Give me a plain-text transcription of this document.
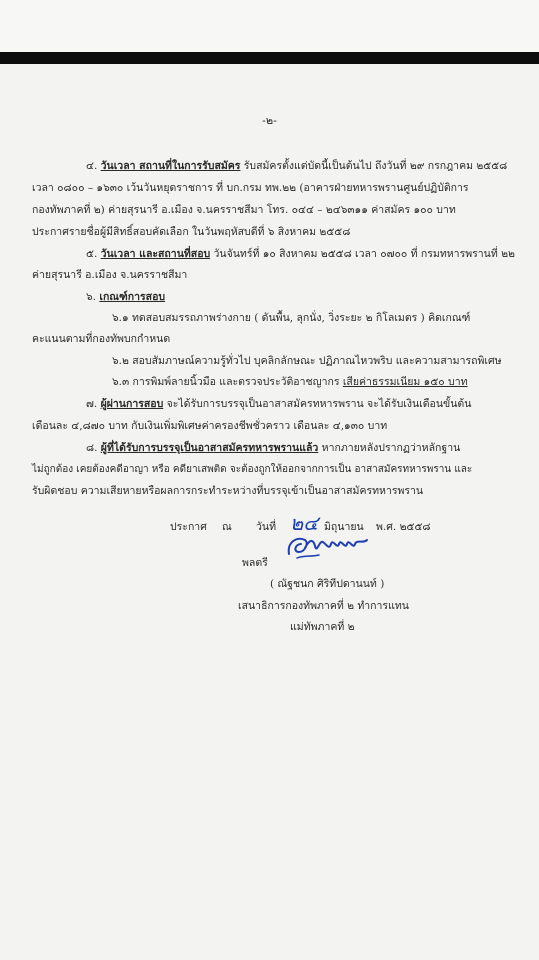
-๒-
๔. วันเวลา สถานที่ในการรับสมัคร รับสมัครตั้งแต่บัดนี้เป็นต้นไป ถึงวันที่ ๒๙ กรกฎาคม ๒๕๕๘
เวลา ๐๘๐๐ – ๑๖๓๐ เว้นวันหยุดราชการ ที่ บก.กรม ทพ.๒๒ (อาคารฝ่ายทหารพรานศูนย์ปฏิบัติการ
กองทัพภาคที่ ๒) ค่ายสุรนารี อ.เมือง จ.นครราชสีมา โทร. ๐๔๔ – ๒๔๖๓๑๑ ค่าสมัคร ๑๐๐ บาท
ประกาศรายชื่อผู้มีสิทธิ์สอบคัดเลือก ในวันพฤหัสบดีที่ ๖ สิงหาคม ๒๕๕๘
๕. วันเวลา และสถานที่สอบ วันจันทร์ที่ ๑๐ สิงหาคม ๒๕๕๘ เวลา ๐๗๐๐ ที่ กรมทหารพรานที่ ๒๒
ค่ายสุรนารี อ.เมือง จ.นครราชสีมา
๖. เกณฑ์การสอบ
๖.๑ ทดสอบสมรรถภาพร่างกาย ( ดันพื้น, ลุกนั่ง, วิ่งระยะ ๒ กิโลเมตร ) คิดเกณฑ์
คะแนนตามที่กองทัพบกกำหนด
๖.๒ สอบสัมภาษณ์ความรู้ทั่วไป บุคลิกลักษณะ ปฏิภาณไหวพริบ และความสามารถพิเศษ
๖.๓ การพิมพ์ลายนิ้วมือ และตรวจประวัติอาชญากร เสียค่าธรรมเนียม ๑๕๐ บาท
๗. ผู้ผ่านการสอบ จะได้รับการบรรจุเป็นอาสาสมัครทหารพราน จะได้รับเงินเดือนขั้นต้น
เดือนละ ๔,๘๗๐ บาท กับเงินเพิ่มพิเศษค่าครองชีพชั่วคราว เดือนละ ๔,๑๓๐ บาท
๘. ผู้ที่ได้รับการบรรจุเป็นอาสาสมัครทหารพรานแล้ว หากภายหลังปรากฏว่าหลักฐาน
ไม่ถูกต้อง เคยต้องคดีอาญา หรือ คดียาเสพติด จะต้องถูกให้ออกจากการเป็น อาสาสมัครทหารพราน และ
รับผิดชอบ ความเสียหายหรือผลการกระทำระหว่างที่บรรจุเข้าเป็นอาสาสมัครทหารพราน
ประกาศ ณ วันที่ ๒๔ มิถุนายน พ.ศ. ๒๕๕๘
พลตรี
( ณัฐชนก ศิริทีปดานนท์ )
เสนาธิการกองทัพภาคที่ ๒ ทำการแทน
แม่ทัพภาคที่ ๒
